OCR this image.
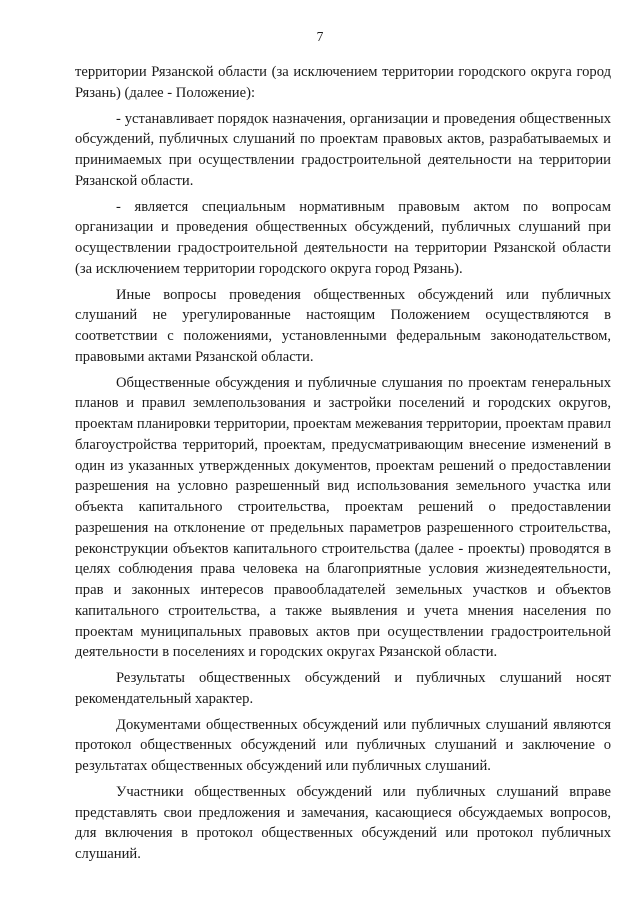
7

территории Рязанской области (за исключением территории городского округа город Рязань) (далее - Положение):

- устанавливает порядок назначения, организации и проведения общественных обсуждений, публичных слушаний по проектам правовых актов, разрабатываемых и принимаемых при осуществлении градостроительной деятельности на территории Рязанской области.

- является специальным нормативным правовым актом по вопросам организации и проведения общественных обсуждений, публичных слушаний при осуществлении градостроительной деятельности на территории Рязанской области (за исключением территории городского округа город Рязань).

Иные вопросы проведения общественных обсуждений или публичных слушаний не урегулированные настоящим Положением осуществляются в соответствии с положениями, установленными федеральным законодательством, правовыми актами Рязанской области.

Общественные обсуждения и публичные слушания по проектам генеральных планов и правил землепользования и застройки поселений и городских округов, проектам планировки территории, проектам межевания территории, проектам правил благоустройства территорий, проектам, предусматривающим внесение изменений в один из указанных утвержденных документов, проектам решений о предоставлении разрешения на условно разрешенный вид использования земельного участка или объекта капитального строительства, проектам решений о предоставлении разрешения на отклонение от предельных параметров разрешенного строительства, реконструкции объектов капитального строительства (далее - проекты) проводятся в целях соблюдения права человека на благоприятные условия жизнедеятельности, прав и законных интересов правообладателей земельных участков и объектов капитального строительства, а также выявления и учета мнения населения по проектам муниципальных правовых актов при осуществлении градостроительной деятельности в поселениях и городских округах Рязанской области.

Результаты общественных обсуждений и публичных слушаний носят рекомендательный характер.

Документами общественных обсуждений или публичных слушаний являются протокол общественных обсуждений или публичных слушаний и заключение о результатах общественных обсуждений или публичных слушаний.

Участники общественных обсуждений или публичных слушаний вправе представлять свои предложения и замечания, касающиеся обсуждаемых вопросов, для включения в протокол общественных обсуждений или протокол публичных слушаний.
